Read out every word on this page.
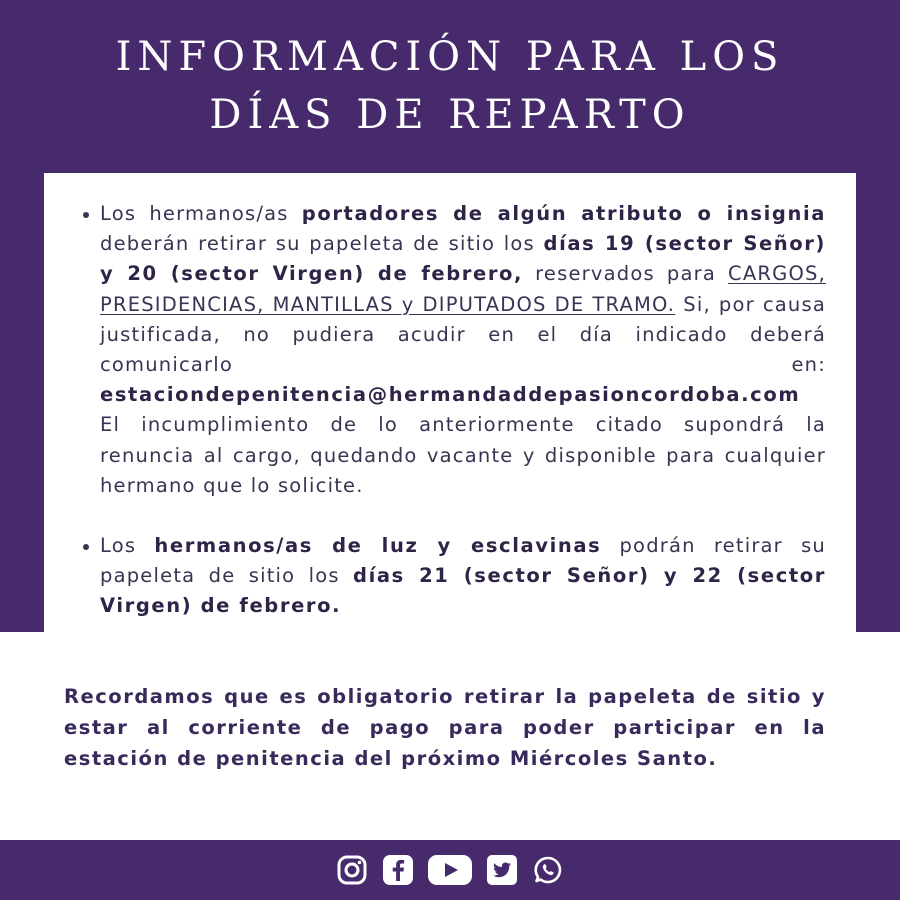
INFORMACIÓN PARA LOS
DÍAS DE REPARTO
Los hermanos/as portadores de algún atributo o insignia deberán retirar su papeleta de sitio los días 19 (sector Señor) y 20 (sector Virgen) de febrero, reservados para CARGOS, PRESIDENCIAS, MANTILLAS y DIPUTADOS DE TRAMO. Si, por causa justificada, no pudiera acudir en el día indicado deberá comunicarlo en: estaciondepenitencia@hermandaddepasioncordoba.com El incumplimiento de lo anteriormente citado supondrá la renuncia al cargo, quedando vacante y disponible para cualquier hermano que lo solicite.
Los hermanos/as de luz y esclavinas podrán retirar su papeleta de sitio los días 21 (sector Señor) y 22 (sector Virgen) de febrero.

Recordamos que es obligatorio retirar la papeleta de sitio y estar al corriente de pago para poder participar en la estación de penitencia del próximo Miércoles Santo.
